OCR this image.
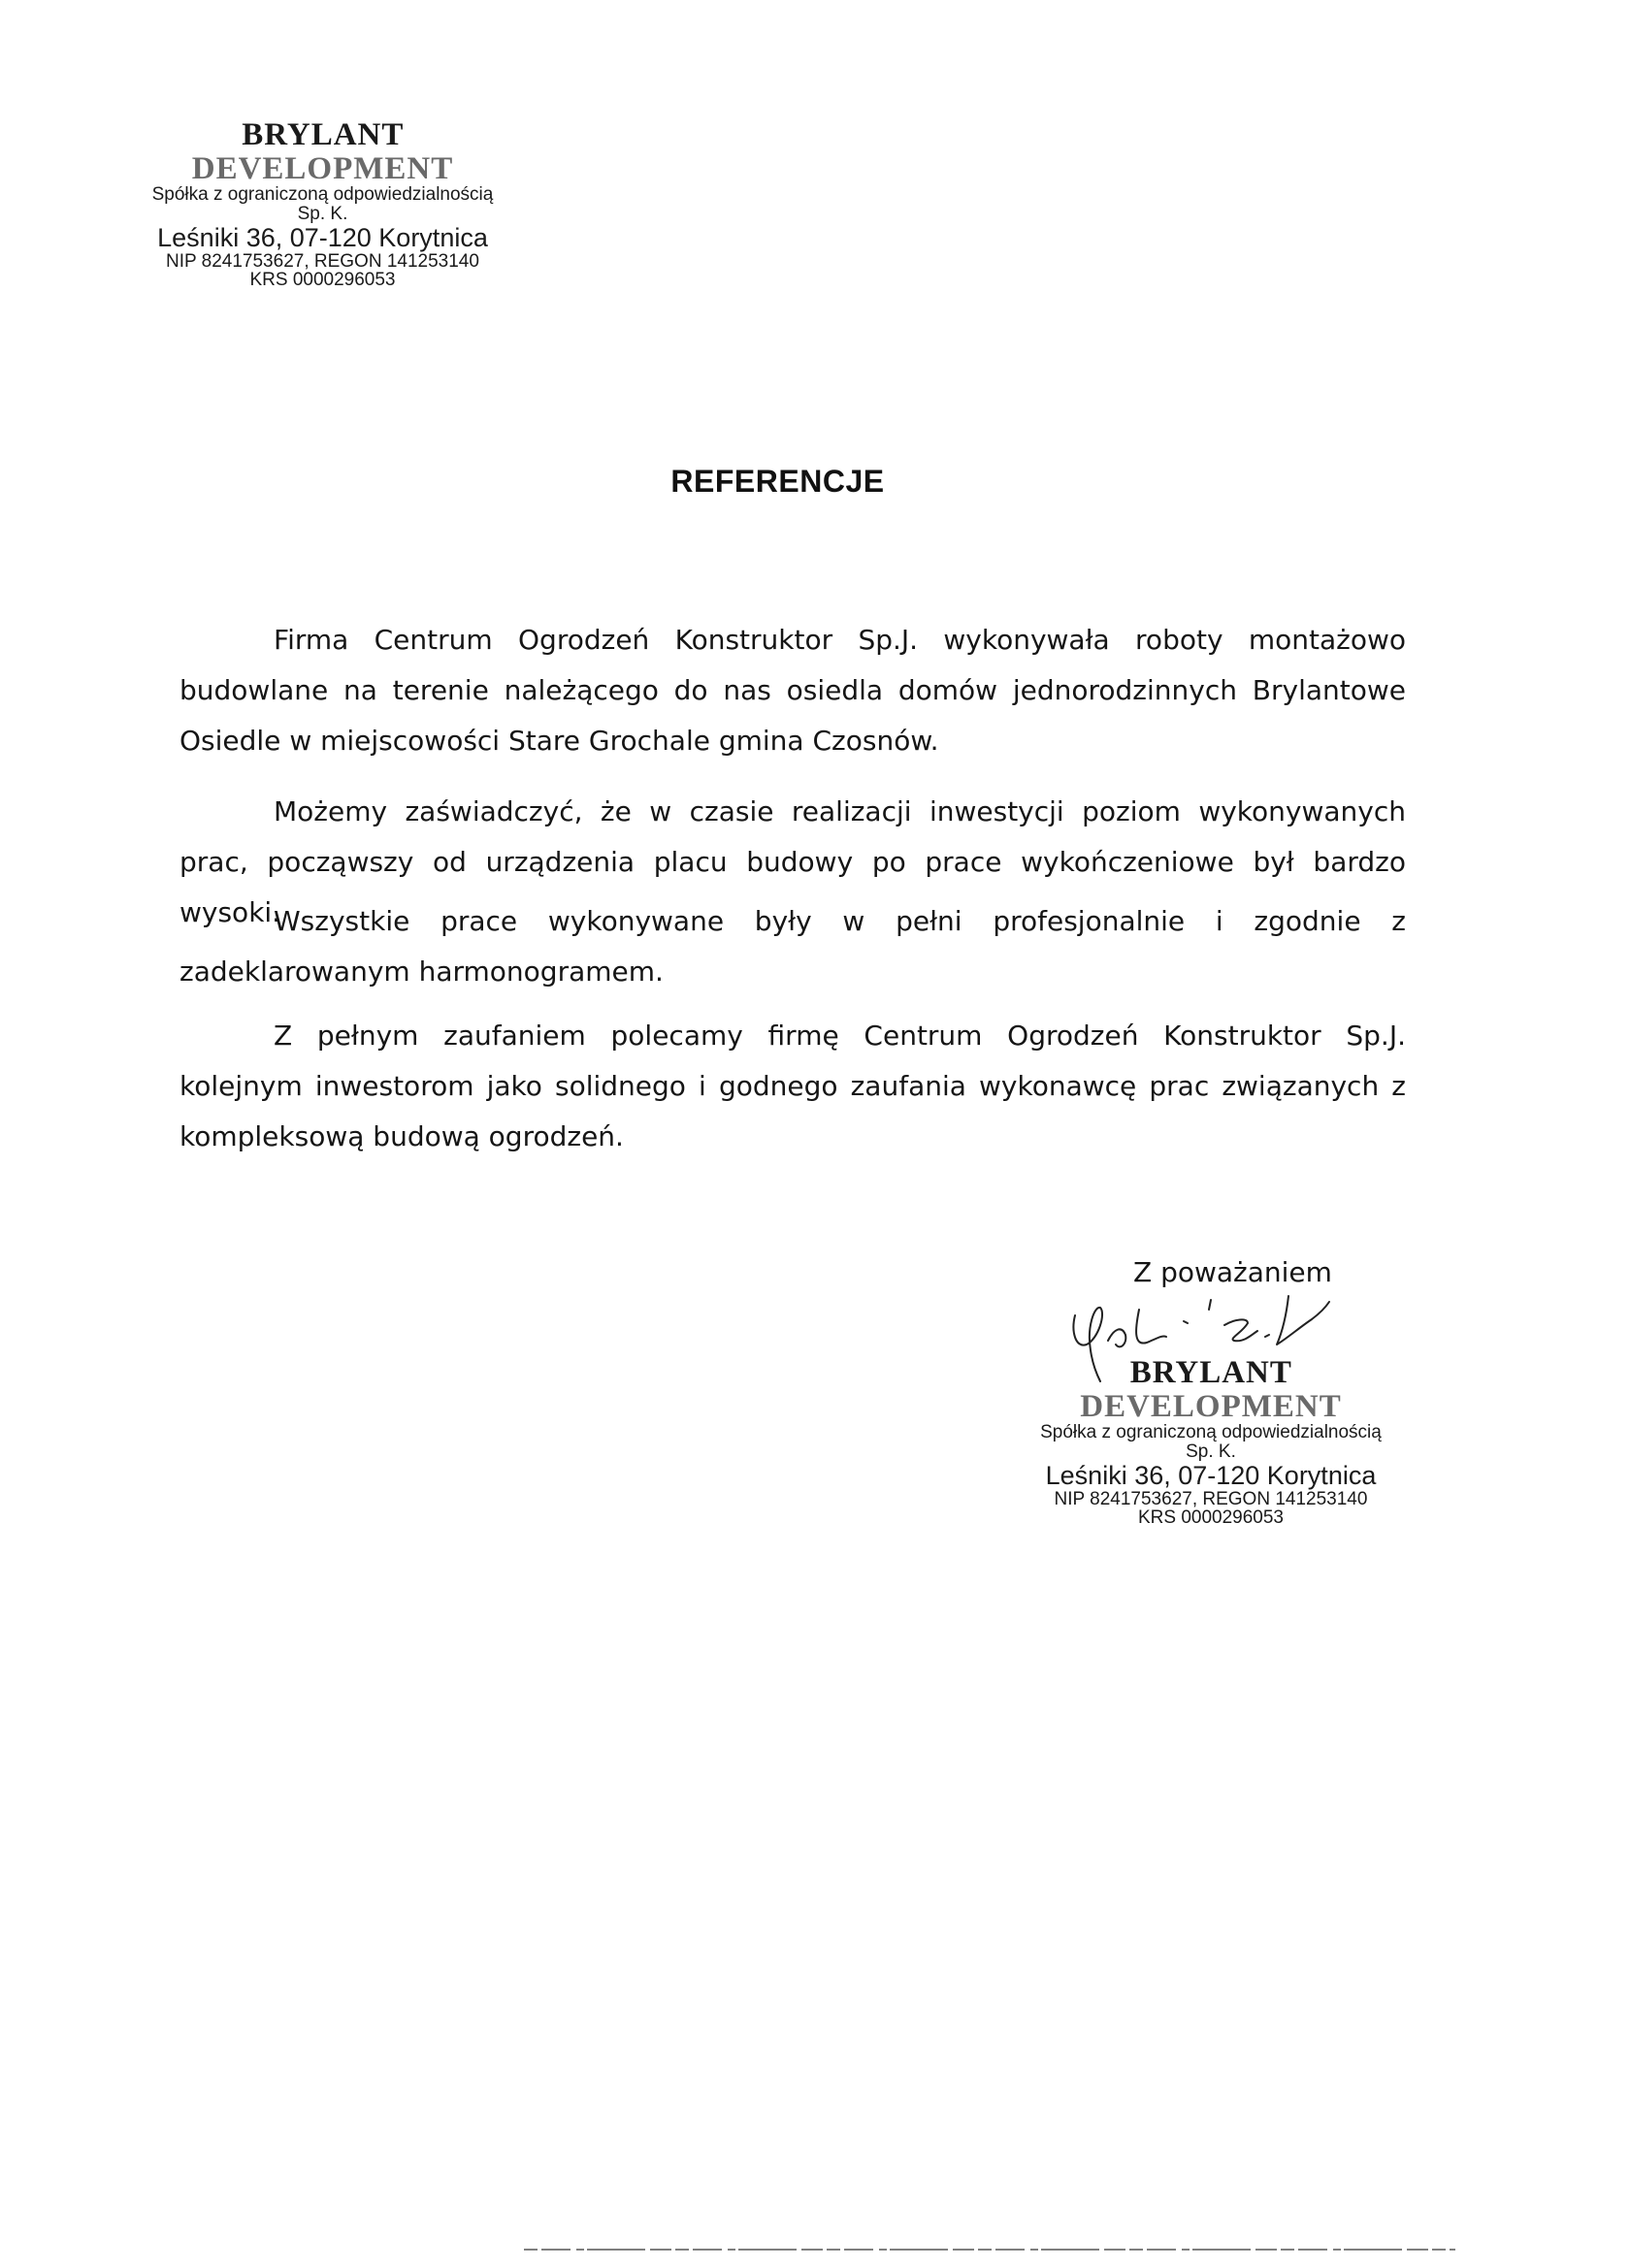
BRYLANT DEVELOPMENT
Spółka z ograniczoną odpowiedzialnością
Sp. K.
Leśniki 36, 07-120 Korytnica
NIP 8241753627, REGON 141253140
KRS 0000296053
REFERENCJE

Firma Centrum Ogrodzeń Konstruktor Sp.J. wykonywała roboty montażowo budowlane na terenie należącego do nas osiedla domów jednorodzinnych Brylantowe Osiedle w miejscowości Stare Grochale gmina Czosnów.

Możemy zaświadczyć, że w czasie realizacji inwestycji poziom wykonywanych prac, począwszy od urządzenia placu budowy po prace wykończeniowe był bardzo wysoki.

Wszystkie prace wykonywane były w pełni profesjonalnie i zgodnie z zadeklarowanym harmonogramem.

Z pełnym zaufaniem polecamy firmę Centrum Ogrodzeń Konstruktor Sp.J. kolejnym inwestorom jako solidnego i godnego zaufania wykonawcę prac związanych z kompleksową budową ogrodzeń.

Z poważaniem
BRYLANT DEVELOPMENT
Spółka z ograniczoną odpowiedzialnością
Sp. K.
Leśniki 36, 07-120 Korytnica
NIP 8241753627, REGON 141253140
KRS 0000296053
